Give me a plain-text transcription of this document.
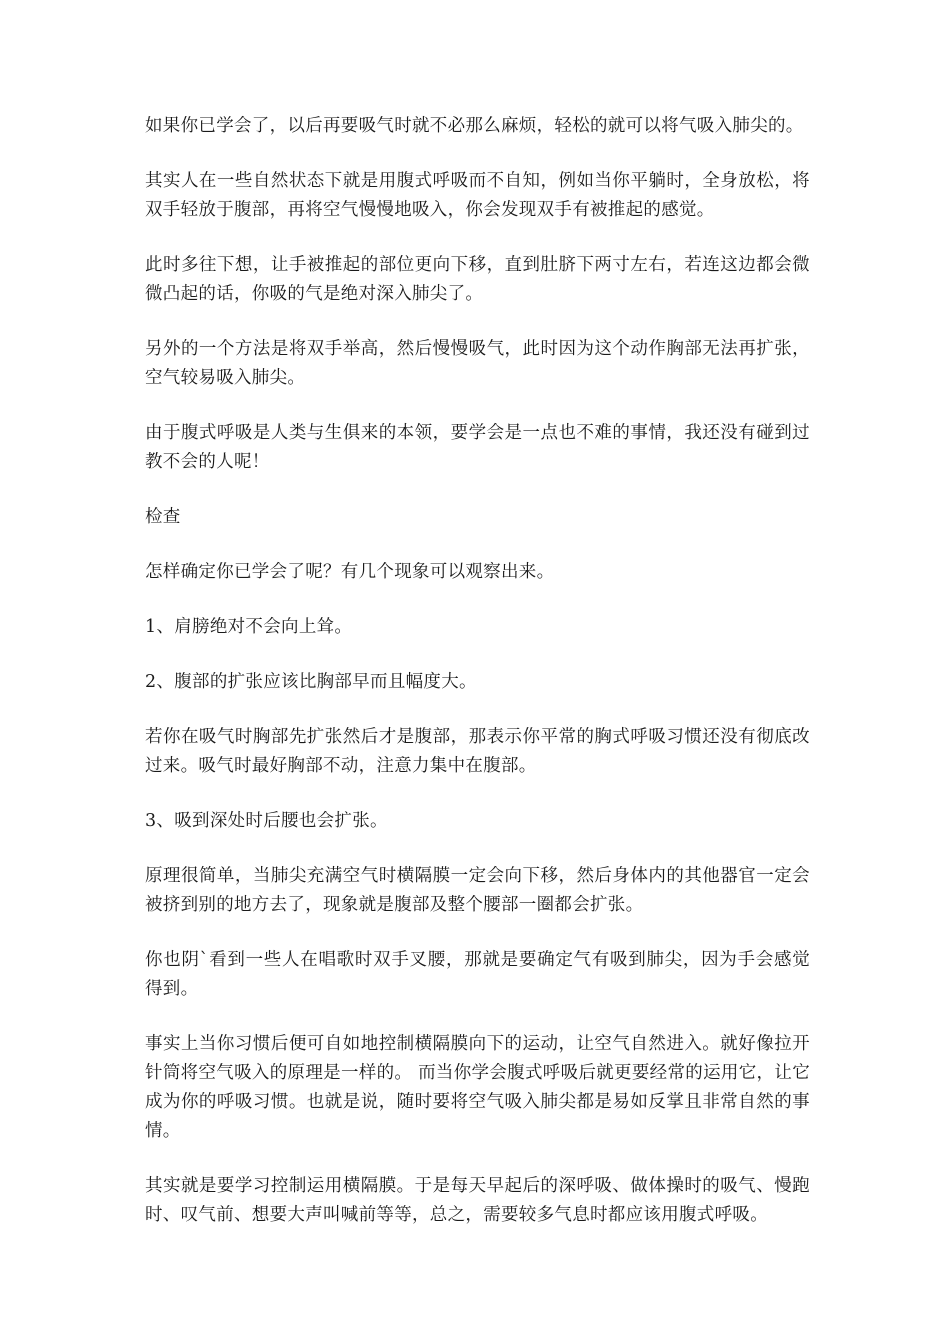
如果你已学会了，以后再要吸气时就不必那么麻烦，轻松的就可以将气吸入肺尖的。

其实人在一些自然状态下就是用腹式呼吸而不自知，例如当你平躺时，全身放松，将双手轻放于腹部，再将空气慢慢地吸入，你会发现双手有被推起的感觉。

此时多往下想，让手被推起的部位更向下移，直到肚脐下两寸左右，若连这边都会微微凸起的话，你吸的气是绝对深入肺尖了。

另外的一个方法是将双手举高，然后慢慢吸气，此时因为这个动作胸部无法再扩张，空气较易吸入肺尖。

由于腹式呼吸是人类与生俱来的本领，要学会是一点也不难的事情，我还没有碰到过教不会的人呢！

检查

怎样确定你已学会了呢？有几个现象可以观察出来。

1、肩膀绝对不会向上耸。

2、腹部的扩张应该比胸部早而且幅度大。

若你在吸气时胸部先扩张然后才是腹部，那表示你平常的胸式呼吸习惯还没有彻底改过来。吸气时最好胸部不动，注意力集中在腹部。

3、吸到深处时后腰也会扩张。

原理很简单，当肺尖充满空气时横隔膜一定会向下移，然后身体内的其他器官一定会被挤到别的地方去了，现象就是腹部及整个腰部一圈都会扩张。

你也阴`看到一些人在唱歌时双手叉腰，那就是要确定气有吸到肺尖，因为手会感觉得到。

事实上当你习惯后便可自如地控制横隔膜向下的运动，让空气自然进入。就好像拉开针筒将空气吸入的原理是一样的。 而当你学会腹式呼吸后就更要经常的运用它，让它成为你的呼吸习惯。也就是说，随时要将空气吸入肺尖都是易如反掌且非常自然的事情。

其实就是要学习控制运用横隔膜。于是每天早起后的深呼吸、做体操时的吸气、慢跑时、叹气前、想要大声叫喊前等等，总之，需要较多气息时都应该用腹式呼吸。
